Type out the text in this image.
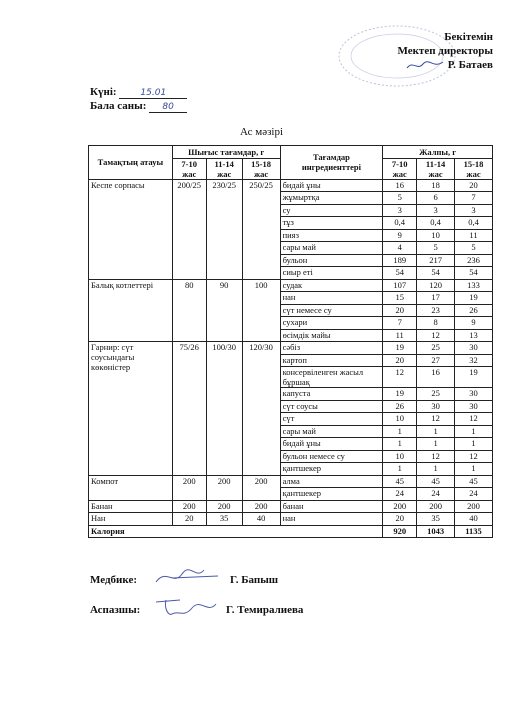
Бекітемін
Мектеп директоры
Р. Батаев
Күні:	15.01
Бала саны: 80
Ас мәзірі
Тамақтың атауы	Шығыс тағамдар, г			Тағамдар ингредиенттері	Жалпы, г		
	7-10 жас	11-14 жас	15-18 жас		7-10 жас	11-14 жас	15-18 жас
Кеспе сорпасы	200/25	230/25	250/25	бидай ұны	16	18	20
				жұмыртқа	5	6	7
				су	3	3	3
				тұз	0,4	0,4	0,4
				пияз	9	10	11
				сары май	4	5	5
				бульон	189	217	236
				сиыр еті	54	54	54
Балық котлеттері	80	90	100	судак	107	120	133
				нан	15	17	19
				сүт немесе су	20	23	26
				сухари	7	8	9
				өсімдік майы	11	12	13
Гарнир: сүт соусындағы көкөністер	75/26	100/30	120/30	сәбіз	19	25	30
				картоп	20	27	32
				консервіленген жасыл бұршақ	12	16	19
				капуста	19	25	30
				сүт соусы	26	30	30
				сүт	10	12	12
				сары май	1	1	1
				бидай ұны	1	1	1
				бульон немесе су	10	12	12
				қантшекер	1	1	1
Компот	200	200	200	алма	45	45	45
				қантшекер	24	24	24
Банан	200	200	200	банан	200	200	200
Нан	20	35	40	нан	20	35	40
Калория					920	1043	1135
Медбике:	Г. Бапыш
Аспазшы:	Г. Темиралиева
